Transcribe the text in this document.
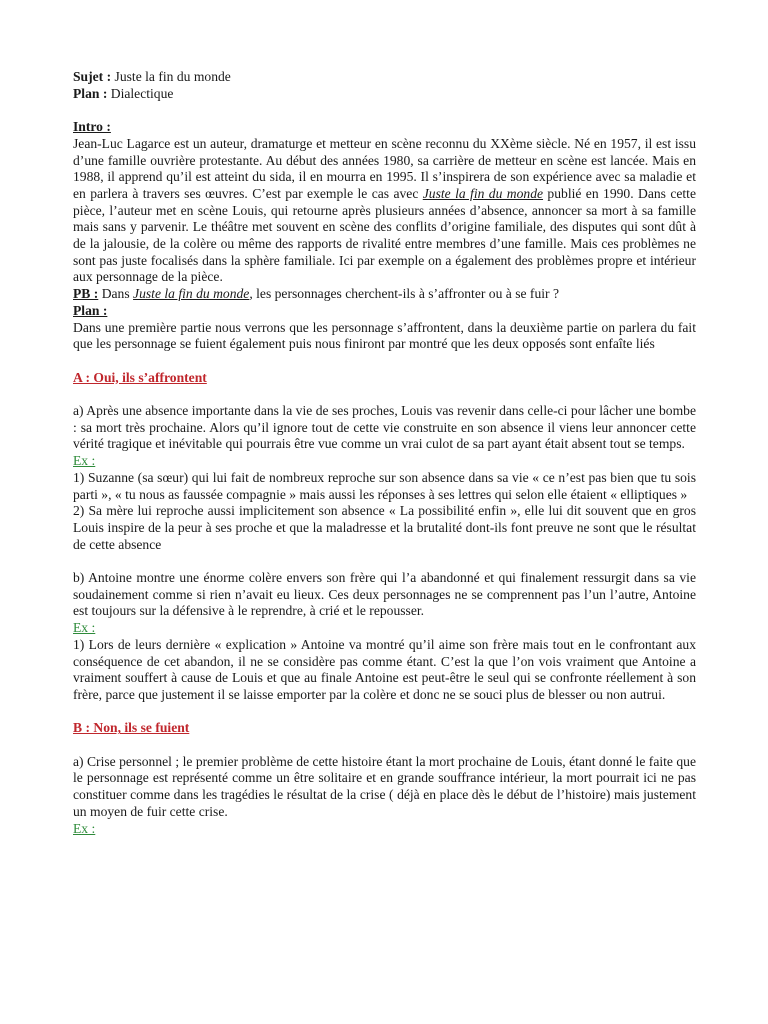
Sujet : Juste la fin du monde

Plan : Dialectique

Intro :

Jean-Luc Lagarce est un auteur, dramaturge et metteur en scène reconnu du XXème siècle. Né en 1957, il est issu d’une famille ouvrière protestante. Au début des années 1980, sa carrière de metteur en scène est lancée. Mais en 1988, il apprend qu’il est atteint du sida, il en mourra en 1995. Il s’inspirera de son expérience avec sa maladie et en parlera à travers ses œuvres. C’est par exemple le cas avec Juste la fin du monde publié en 1990. Dans cette pièce, l’auteur met en scène Louis, qui retourne après plusieurs années d’absence, annoncer sa mort à sa famille mais sans y parvenir. Le théâtre met souvent en scène des conflits d’origine familiale, des disputes qui sont dût à de la jalousie, de la colère ou même des rapports de rivalité entre membres d’une famille. Mais ces problèmes ne sont pas juste focalisés dans la sphère familiale. Ici par exemple on a également des problèmes propre et intérieur aux personnage de la pièce.

PB : Dans Juste la fin du monde, les personnages cherchent-ils à s’affronter ou à se fuir ?

Plan :

Dans une première partie nous verrons que les personnage s’affrontent, dans la deuxième partie on parlera du fait que les personnage se fuient également puis nous finiront par montré que les deux opposés sont enfaîte liés

A : Oui, ils s’affrontent

a) Après une absence importante dans la vie de ses proches, Louis vas revenir dans celle-ci pour lâcher une bombe : sa mort très prochaine. Alors qu’il ignore tout de cette vie construite en son absence il viens leur annoncer cette vérité tragique et inévitable qui pourrais être vue comme un vrai culot de sa part ayant était absent tout se temps.

Ex :

1) Suzanne (sa sœur) qui lui fait de nombreux reproche sur son absence dans sa vie « ce n’est pas bien que tu sois parti », « tu nous as faussée compagnie » mais aussi les réponses à ses lettres qui selon elle étaient « elliptiques »

2) Sa mère lui reproche aussi implicitement son absence « La possibilité enfin », elle lui dit souvent que en gros Louis inspire de la peur à ses proche et que la maladresse et la brutalité dont-ils font preuve ne sont que le résultat de cette absence

b) Antoine montre une énorme colère envers son frère qui l’a abandonné et qui finalement ressurgit dans sa vie soudainement comme si rien n’avait eu lieux. Ces deux personnages ne se comprennent pas l’un l’autre, Antoine est toujours sur la défensive à le reprendre, à crié et le repousser.

Ex :

1) Lors de leurs dernière « explication » Antoine va montré qu’il aime son frère mais tout en le confrontant aux conséquence de cet abandon, il ne se considère pas comme étant. C’est la que l’on vois vraiment que Antoine a vraiment souffert à cause de Louis et que au finale Antoine est peut-être le seul qui se confronte réellement à son frère, parce que justement il se laisse emporter par la colère et donc ne se souci plus de blesser ou non autrui.

B : Non, ils se fuient

a) Crise personnel ; le premier problème de cette histoire étant la mort prochaine de Louis, étant donné le faite que le personnage est représenté comme un être solitaire et en grande souffrance intérieur, la mort pourrait ici ne pas constituer comme dans les tragédies le résultat de la crise ( déjà en place dès le début de l’histoire) mais justement un moyen de fuir cette crise.

Ex :
